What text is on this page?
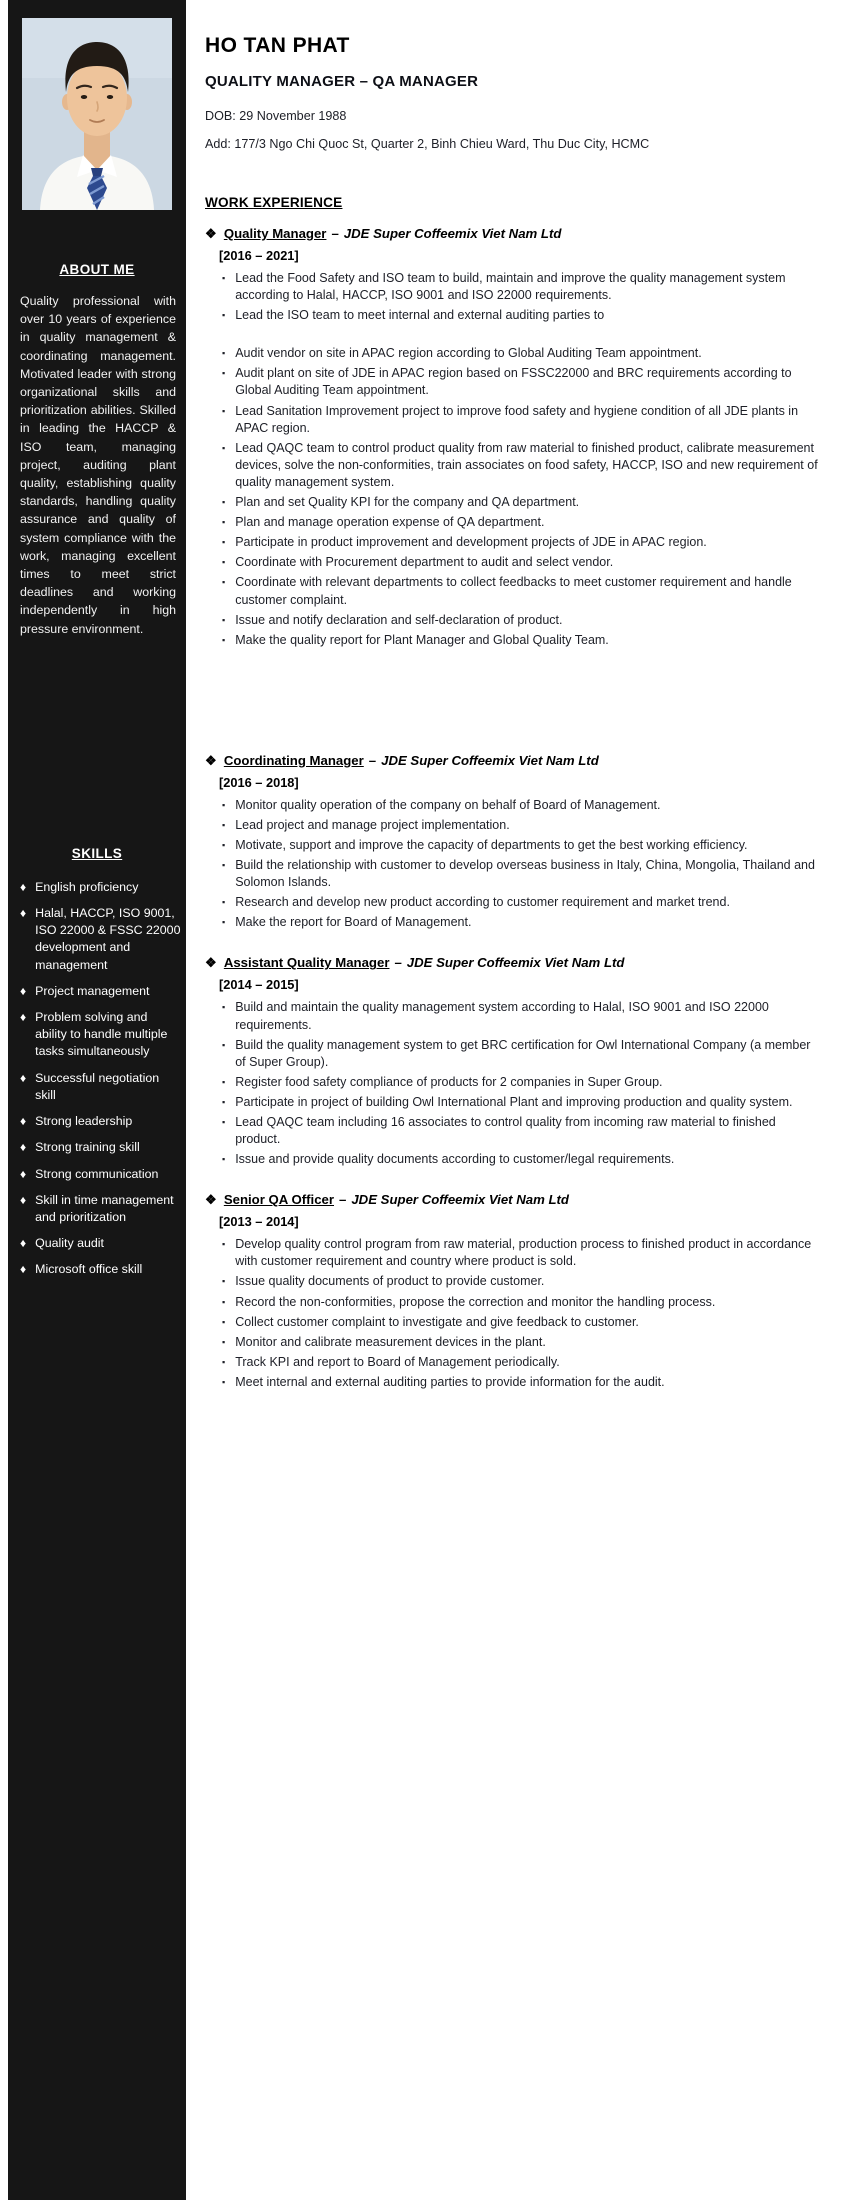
ABOUT ME

Quality professional with over 10 years of experience in quality management & coordinating management. Motivated leader with strong organizational skills and prioritization abilities. Skilled in leading the HACCP & ISO team, managing project, auditing plant quality, establishing quality standards, handling quality assurance and quality of system compliance with the work, managing excellent times to meet strict deadlines and working independently in high pressure environment.

SKILLS
♦ English proficiency
♦ Halal, HACCP, ISO 9001, ISO 22000 & FSSC 22000 development and management
♦ Project management
♦ Problem solving and ability to handle multiple tasks simultaneously
♦ Successful negotiation skill
♦ Strong leadership
♦ Strong training skill
♦ Strong communication
♦ Skill in time management and prioritization
♦ Quality audit
♦ Microsoft office skill
HO TAN PHAT
QUALITY MANAGER – QA MANAGER

DOB: 29 November 1988

Add: 177/3 Ngo Chi Quoc St, Quarter 2, Binh Chieu Ward, Thu Duc City, HCMC

WORK EXPERIENCE
❖ Quality Manager – JDE Super Coffeemix Viet Nam Ltd
[2016 – 2021]
▪ Lead the Food Safety and ISO team to build, maintain and improve the quality management system according to Halal, HACCP, ISO 9001 and ISO 22000 requirements.
▪ Lead the ISO team to meet internal and external auditing parties to
▪ Audit vendor on site in APAC region according to Global Auditing Team appointment.
▪ Audit plant on site of JDE in APAC region based on FSSC22000 and BRC requirements according to Global Auditing Team appointment.
▪ Lead Sanitation Improvement project to improve food safety and hygiene condition of all JDE plants in APAC region.
▪ Lead QAQC team to control product quality from raw material to finished product, calibrate measurement devices, solve the non-conformities, train associates on food safety, HACCP, ISO and new requirement of quality management system.
▪ Plan and set Quality KPI for the company and QA department.
▪ Plan and manage operation expense of QA department.
▪ Participate in product improvement and development projects of JDE in APAC region.
▪ Coordinate with Procurement department to audit and select vendor.
▪ Coordinate with relevant departments to collect feedbacks to meet customer requirement and handle customer complaint.
▪ Issue and notify declaration and self-declaration of product.
▪ Make the quality report for Plant Manager and Global Quality Team.
❖ Coordinating Manager – JDE Super Coffeemix Viet Nam Ltd
[2016 – 2018]
▪ Monitor quality operation of the company on behalf of Board of Management.
▪ Lead project and manage project implementation.
▪ Motivate, support and improve the capacity of departments to get the best working efficiency.
▪ Build the relationship with customer to develop overseas business in Italy, China, Mongolia, Thailand and Solomon Islands.
▪ Research and develop new product according to customer requirement and market trend.
▪ Make the report for Board of Management.
❖ Assistant Quality Manager – JDE Super Coffeemix Viet Nam Ltd
[2014 – 2015]
▪ Build and maintain the quality management system according to Halal, ISO 9001 and ISO 22000 requirements.
▪ Build the quality management system to get BRC certification for Owl International Company (a member of Super Group).
▪ Register food safety compliance of products for 2 companies in Super Group.
▪ Participate in project of building Owl International Plant and improving production and quality system.
▪ Lead QAQC team including 16 associates to control quality from incoming raw material to finished product.
▪ Issue and provide quality documents according to customer/legal requirements.
❖ Senior QA Officer – JDE Super Coffeemix Viet Nam Ltd
[2013 – 2014]
▪ Develop quality control program from raw material, production process to finished product in accordance with customer requirement and country where product is sold.
▪ Issue quality documents of product to provide customer.
▪ Record the non-conformities, propose the correction and monitor the handling process.
▪ Collect customer complaint to investigate and give feedback to customer.
▪ Monitor and calibrate measurement devices in the plant.
▪ Track KPI and report to Board of Management periodically.
▪ Meet internal and external auditing parties to provide information for the audit.
